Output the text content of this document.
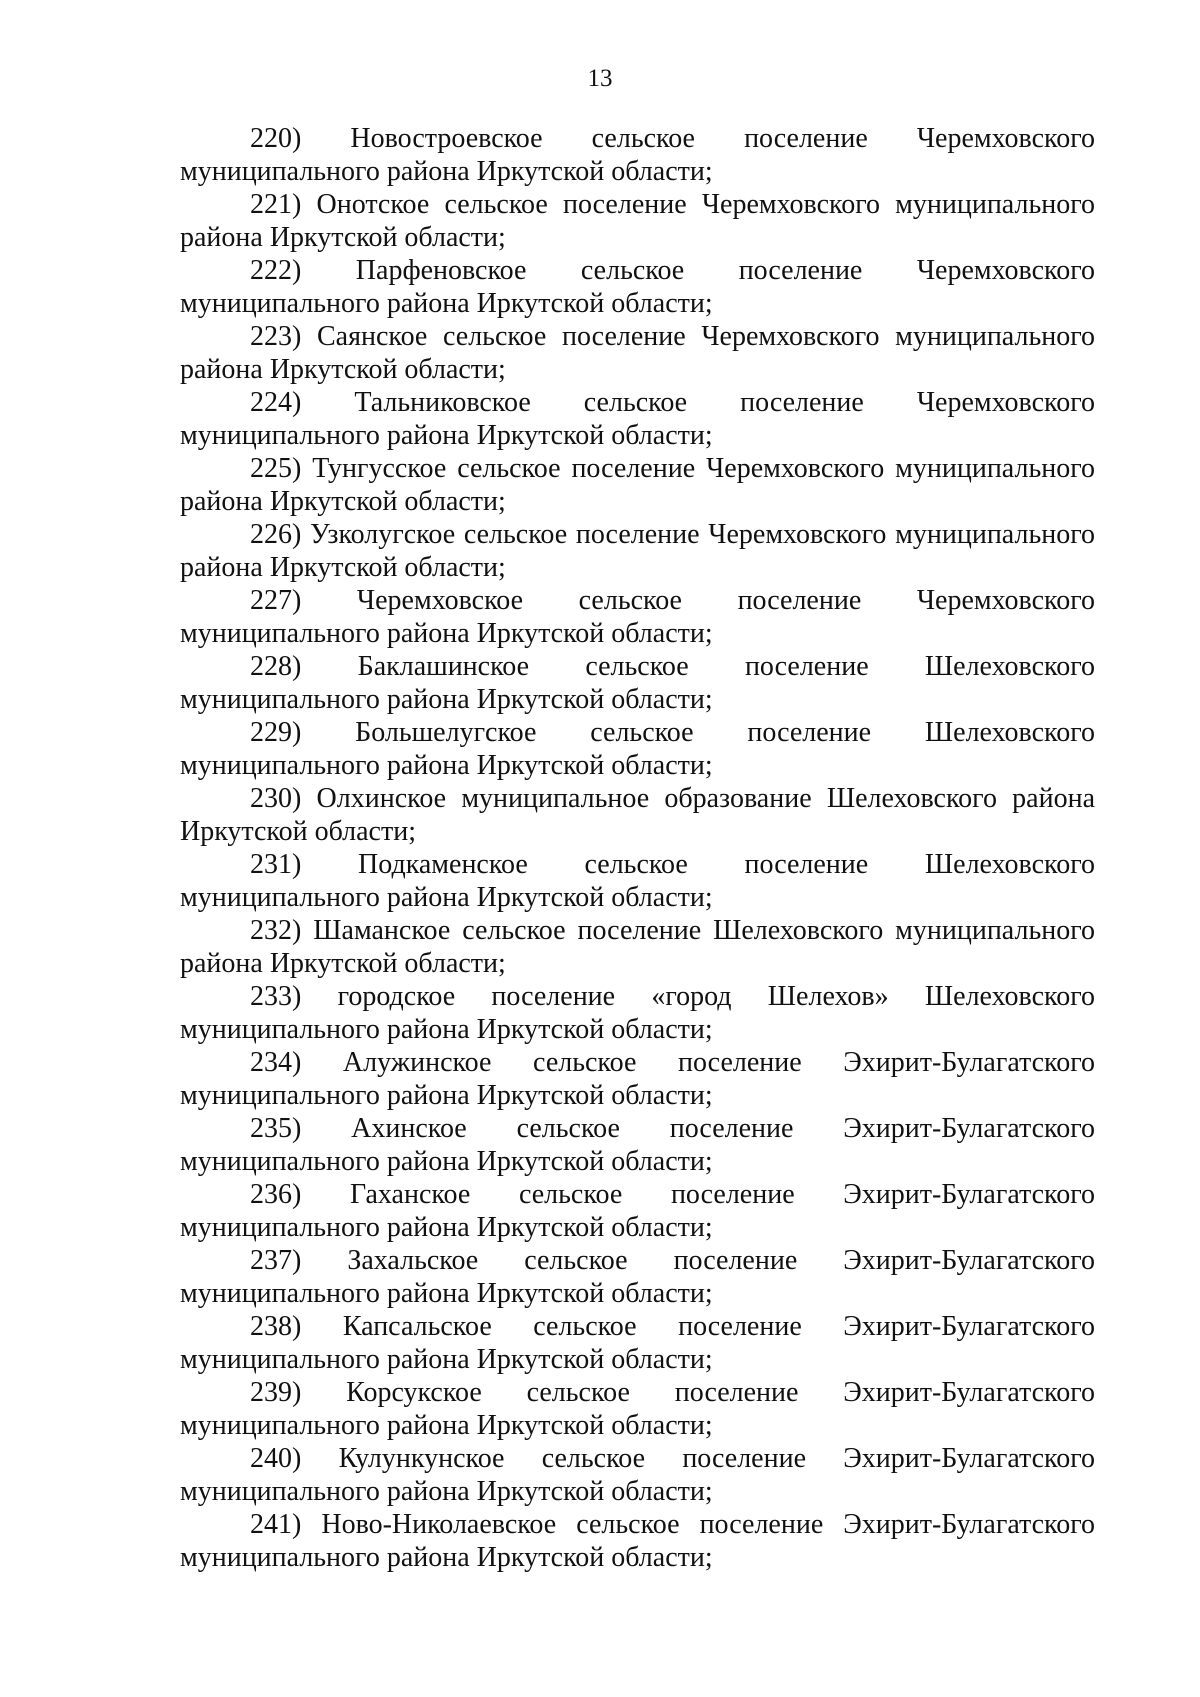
13
220) Новостроевское сельское поселение Черемховского муниципального района Иркутской области;
221) Онотское сельское поселение Черемховского муниципального района Иркутской области;
222) Парфеновское сельское поселение Черемховского муниципального района Иркутской области;
223) Саянское сельское поселение Черемховского муниципального района Иркутской области;
224) Тальниковское сельское поселение Черемховского муниципального района Иркутской области;
225) Тунгусское сельское поселение Черемховского муниципального района Иркутской области;
226) Узколугское сельское поселение Черемховского муниципального района Иркутской области;
227) Черемховское сельское поселение Черемховского муниципального района Иркутской области;
228) Баклашинское сельское поселение Шелеховского муниципального района Иркутской области;
229) Большелугское сельское поселение Шелеховского муниципального района Иркутской области;
230) Олхинское муниципальное образование Шелеховского района Иркутской области;
231) Подкаменское сельское поселение Шелеховского муниципального района Иркутской области;
232) Шаманское сельское поселение Шелеховского муниципального района Иркутской области;
233) городское поселение «город Шелехов» Шелеховского муниципального района Иркутской области;
234) Алужинское сельское поселение Эхирит-Булагатского муниципального района Иркутской области;
235) Ахинское сельское поселение Эхирит-Булагатского муниципального района Иркутской области;
236) Гаханское сельское поселение Эхирит-Булагатского муниципального района Иркутской области;
237) Захальское сельское поселение Эхирит-Булагатского муниципального района Иркутской области;
238) Капсальское сельское поселение Эхирит-Булагатского муниципального района Иркутской области;
239) Корсукское сельское поселение Эхирит-Булагатского муниципального района Иркутской области;
240) Кулункунское сельское поселение Эхирит-Булагатского муниципального района Иркутской области;
241) Ново-Николаевское сельское поселение Эхирит-Булагатского муниципального района Иркутской области;
